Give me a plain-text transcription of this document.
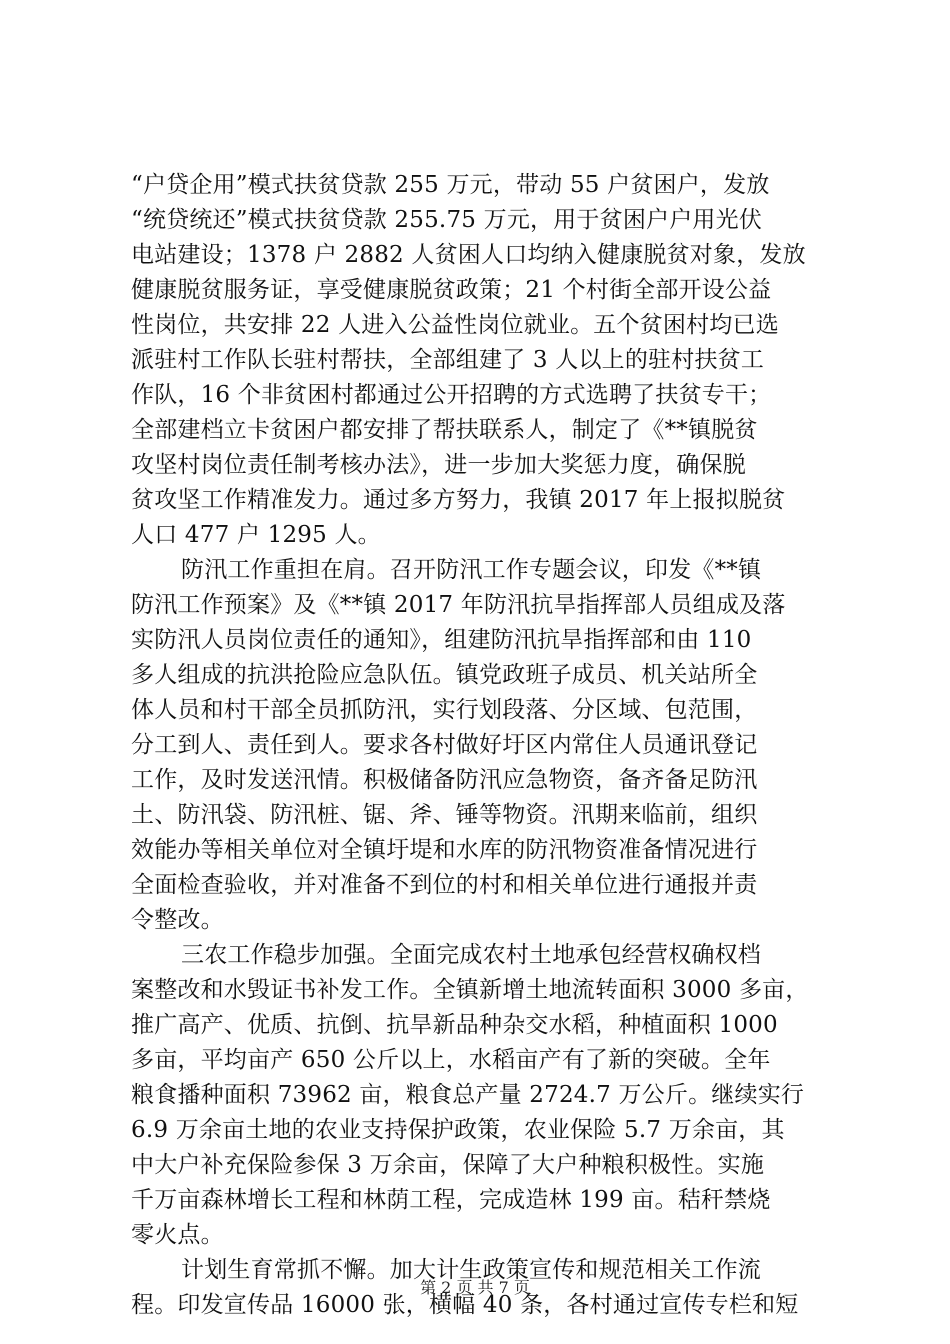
“户贷企用”模式扶贫贷款 255 万元，带动 55 户贫困户，发放
“统贷统还”模式扶贫贷款 255.75 万元，用于贫困户户用光伏
电站建设；1378 户 2882 人贫困人口均纳入健康脱贫对象，发放
健康脱贫服务证，享受健康脱贫政策；21 个村街全部开设公益
性岗位，共安排 22 人进入公益性岗位就业。五个贫困村均已选
派驻村工作队长驻村帮扶，全部组建了 3 人以上的驻村扶贫工
作队，16 个非贫困村都通过公开招聘的方式选聘了扶贫专干；
全部建档立卡贫困户都安排了帮扶联系人，制定了《**镇脱贫
攻坚村岗位责任制考核办法》，进一步加大奖惩力度，确保脱
贫攻坚工作精准发力。通过多方努力，我镇 2017 年上报拟脱贫
人口 477 户 1295 人。
防汛工作重担在肩。召开防汛工作专题会议，印发《**镇
防汛工作预案》及《**镇 2017 年防汛抗旱指挥部人员组成及落
实防汛人员岗位责任的通知》，组建防汛抗旱指挥部和由 110
多人组成的抗洪抢险应急队伍。镇党政班子成员、机关站所全
体人员和村干部全员抓防汛，实行划段落、分区域、包范围，
分工到人、责任到人。要求各村做好圩区内常住人员通讯登记
工作，及时发送汛情。积极储备防汛应急物资，备齐备足防汛
土、防汛袋、防汛桩、锯、斧、锤等物资。汛期来临前，组织
效能办等相关单位对全镇圩堤和水库的防汛物资准备情况进行
全面检查验收，并对准备不到位的村和相关单位进行通报并责
令整改。
三农工作稳步加强。全面完成农村土地承包经营权确权档
案整改和水毁证书补发工作。全镇新增土地流转面积 3000 多亩，
推广高产、优质、抗倒、抗旱新品种杂交水稻，种植面积 1000
多亩，平均亩产 650 公斤以上，水稻亩产有了新的突破。全年
粮食播种面积 73962 亩，粮食总产量 2724.7 万公斤。继续实行
6.9 万余亩土地的农业支持保护政策，农业保险 5.7 万余亩，其
中大户补充保险参保 3 万余亩，保障了大户种粮积极性。实施
千万亩森林增长工程和林荫工程，完成造林 199 亩。秸秆禁烧
零火点。
计划生育常抓不懈。加大计生政策宣传和规范相关工作流
程。印发宣传品 16000 张，横幅 40 条，各村通过宣传专栏和短
第 2 页 共 7 页
